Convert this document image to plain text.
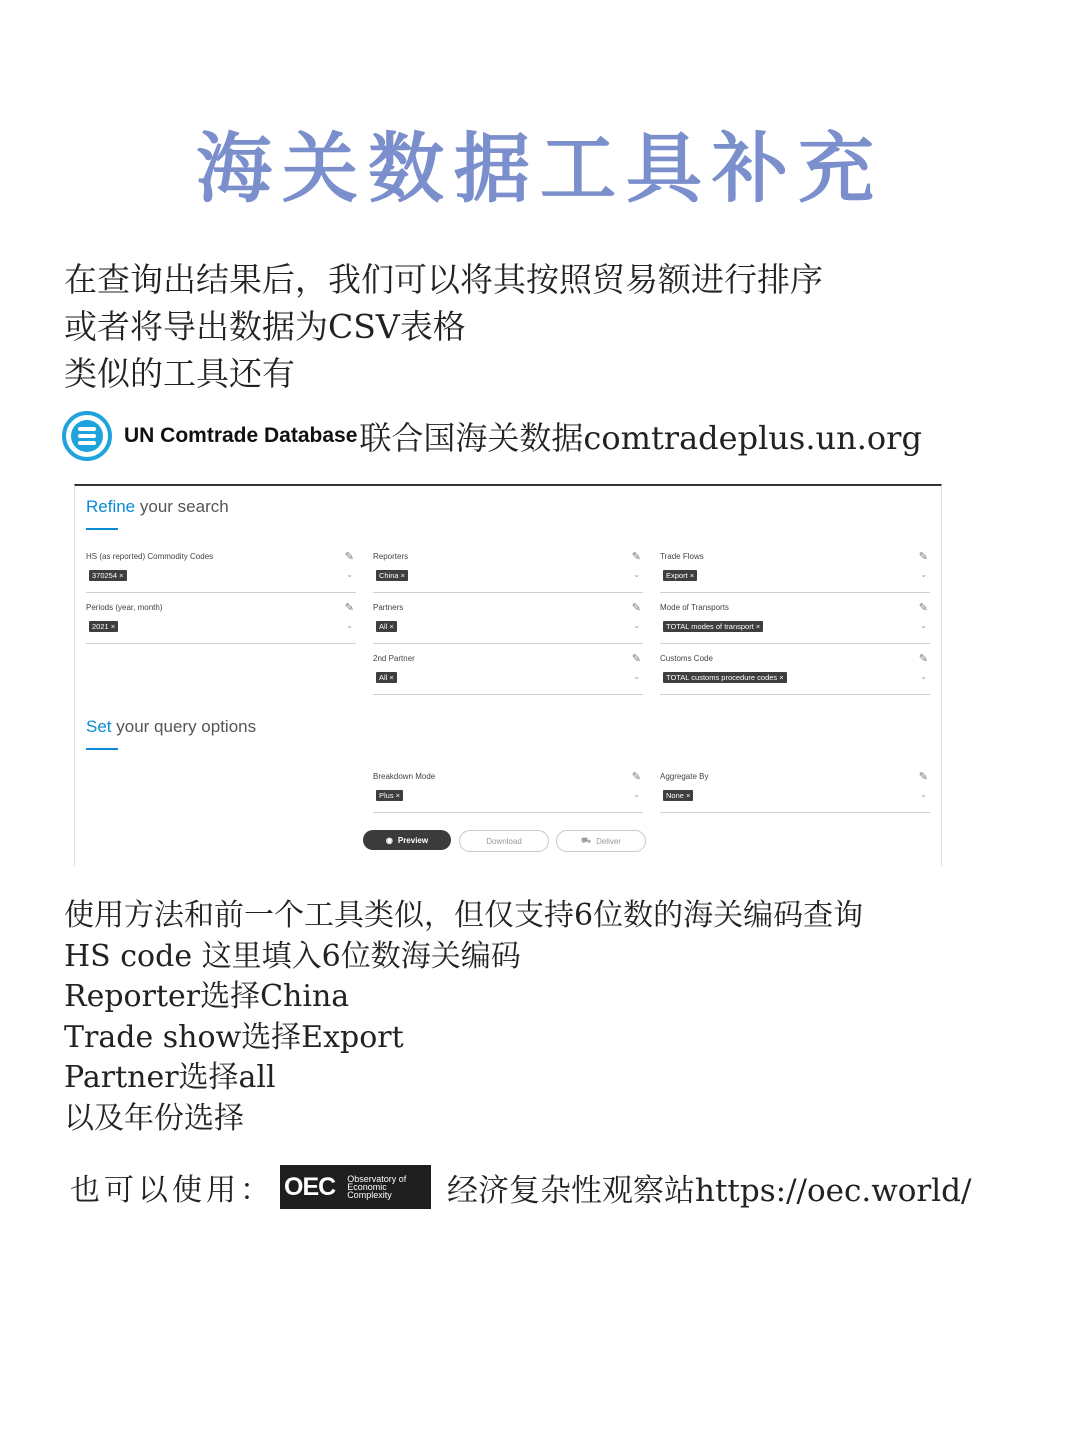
海关数据工具补充
在查询出结果后，我们可以将其按照贸易额进行排序
或者将导出数据为CSV表格
类似的工具还有
UN Comtrade Database 联合国海关数据comtradeplus.un.org
Refine your search
HS (as reported) Commodity Codes	✎
370254 ×	⌄
Reporters	✎
China ×	⌄
Trade Flows	✎
Export ×	⌄
Periods (year, month)	✎
2021 ×	⌄
Partners	✎
All ×	⌄
Mode of Transports	✎
TOTAL modes of transport ×	⌄
2nd Partner	✎
All ×	⌄
Customs Code	✎
TOTAL customs procedure codes ×	⌄
Set your query options
Breakdown Mode	✎
Plus ×	⌄
Aggregate By	✎
None ×	⌄
◉ Preview	Download	⛟ Deliver
使用方法和前一个工具类似，但仅支持6位数的海关编码查询
HS code 这里填入6位数海关编码
Reporter选择China
Trade show选择Export
Partner选择all
以及年份选择
也可以使用： OEC Observatory of
Economic
Complexity	经济复杂性观察站https://oec.world/
